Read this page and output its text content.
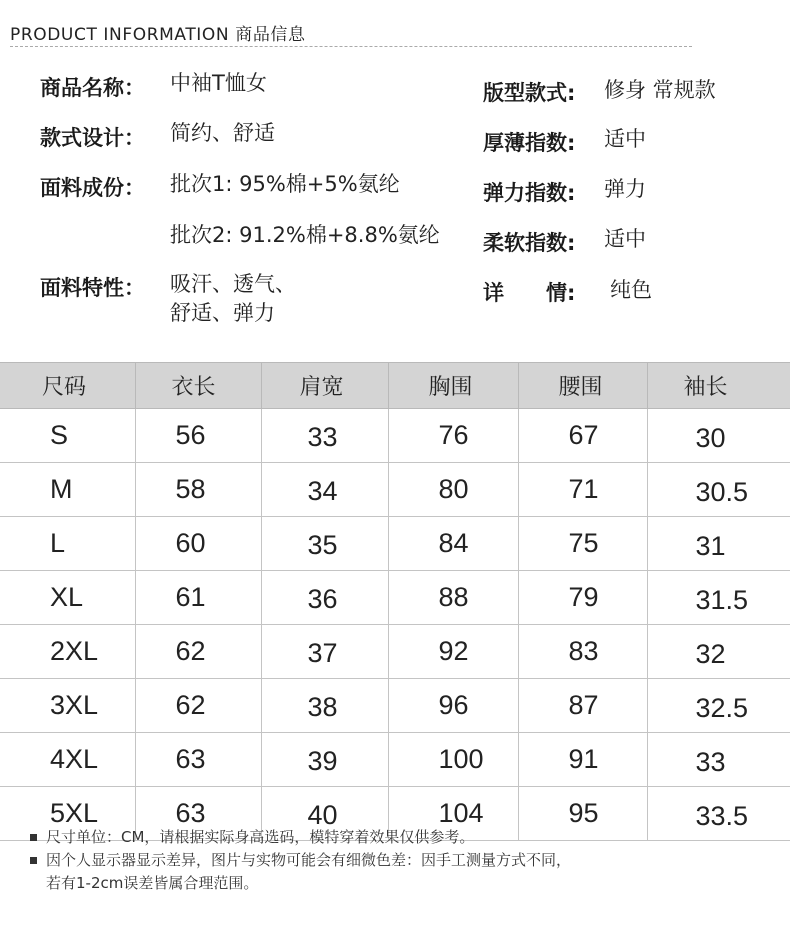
PRODUCT INFORMATION 商品信息
商品名称： 中袖T恤女
款式设计： 简约、舒适
面料成份： 批次1: 95%棉+5%氨纶
批次2: 91.2%棉+8.8%氨纶
面料特性： 吸汗、透气、
舒适、弹力
版型款式: 修身 常规款
厚薄指数: 适中
弹力指数: 弹力
柔软指数: 适中
详　　情: 纯色
尺码	衣长	肩宽	胸围	腰围	袖长
S	56	33	76	67	30
M	58	34	80	71	30.5
L	60	35	84	75	31
XL	61	36	88	79	31.5
2XL	62	37	92	83	32
3XL	62	38	96	87	32.5
4XL	63	39	100	91	33
5XL	63	40	104	95	33.5
尺寸单位：CM，请根据实际身高选码，模特穿着效果仅供参考。
因个人显示器显示差异，图片与实物可能会有细微色差：因手工测量方式不同，
若有1-2cm误差皆属合理范围。
